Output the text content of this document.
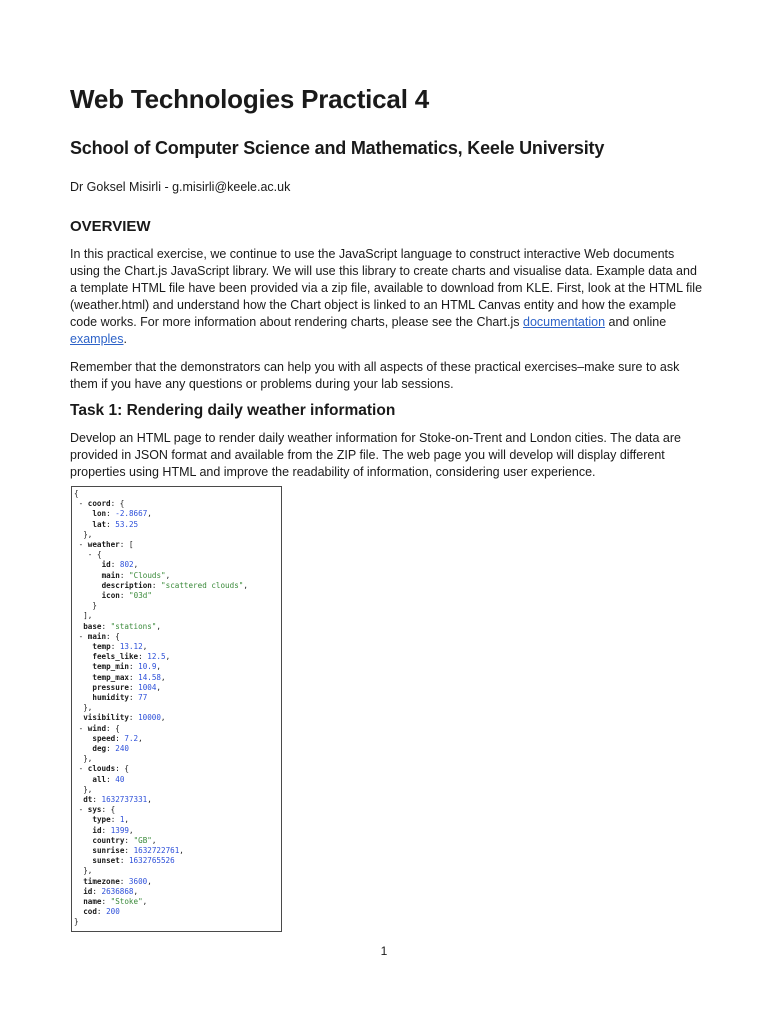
Web Technologies Practical 4
School of Computer Science and Mathematics, Keele University
Dr Goksel Misirli - g.misirli@keele.ac.uk
OVERVIEW

In this practical exercise, we continue to use the JavaScript language to construct interactive Web documents using the Chart.js JavaScript library. We will use this library to create charts and visualise data. Example data and a template HTML file have been provided via a zip file, available to download from KLE. First, look at the HTML file (weather.html) and understand how the Chart object is linked to an HTML Canvas entity and how the example code works. For more information about rendering charts, please see the Chart.js documentation and online examples.

Remember that the demonstrators can help you with all aspects of these practical exercises–make sure to ask them if you have any questions or problems during your lab sessions.

Task 1: Rendering daily weather information

Develop an HTML page to render daily weather information for Stoke-on-Trent and London cities. The data are provided in JSON format and available from the ZIP file. The web page you will develop will display different properties using HTML and improve the readability of information, considering user experience.

{
- coord: {
lon: -2.8667,
lat: 53.25
},
- weather: [
- {
id: 802,
main: "Clouds",
description: "scattered clouds",
icon: "03d"
}
],
base: "stations",
- main: {
temp: 13.12,
feels_like: 12.5,
temp_min: 10.9,
temp_max: 14.58,
pressure: 1004,
humidity: 77
},
visibility: 10000,
- wind: {
speed: 7.2,
deg: 240
},
- clouds: {
all: 40
},
dt: 1632737331,
- sys: {
type: 1,
id: 1399,
country: "GB",
sunrise: 1632722761,
sunset: 1632765526
},
timezone: 3600,
id: 2636868,
name: "Stoke",
cod: 200
}
1
